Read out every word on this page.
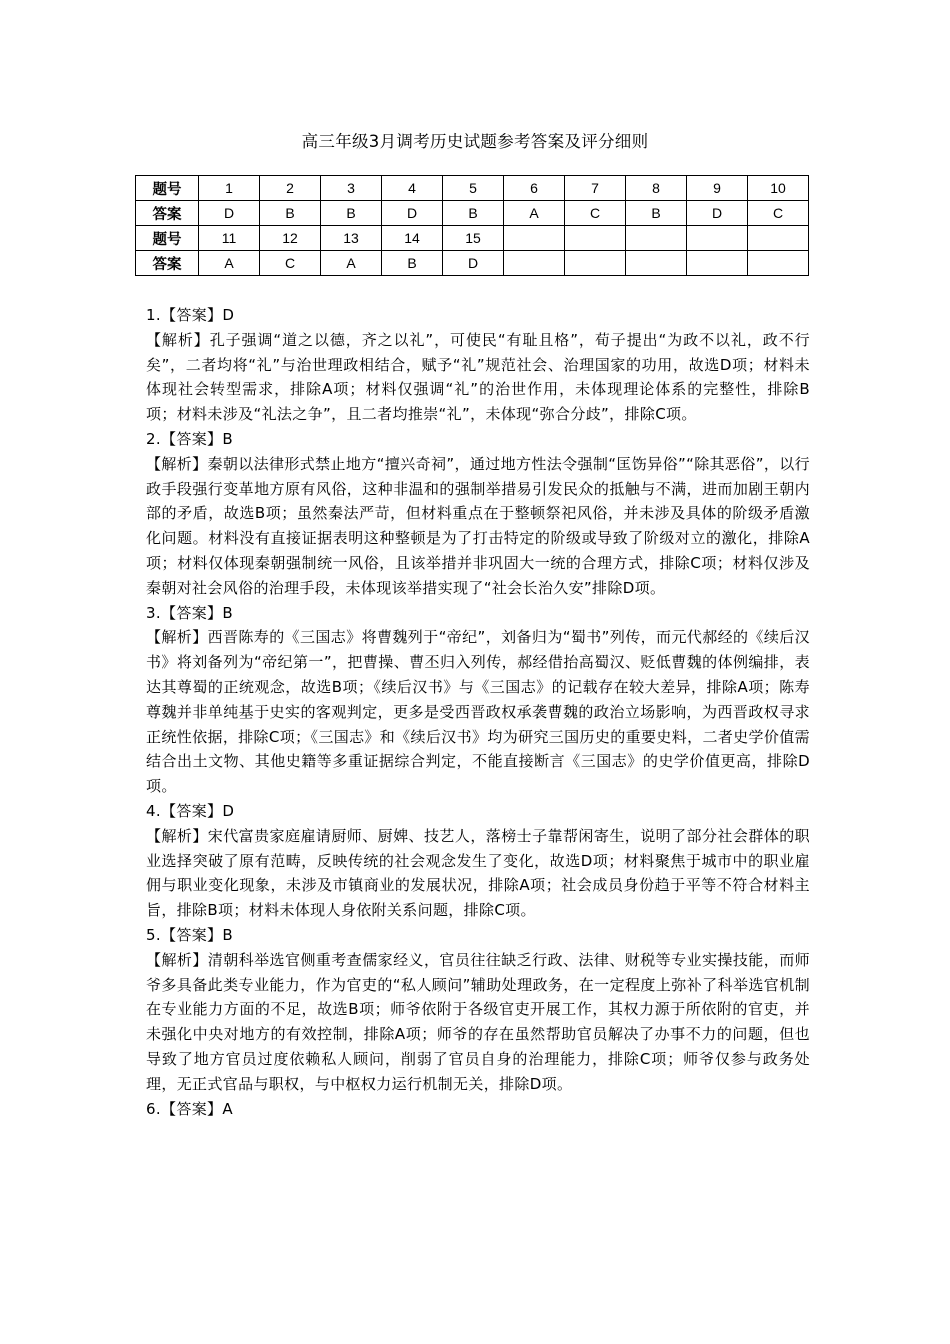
高三年级3月调考历史试题参考答案及评分细则
题号	1	2	3	4	5	6	7	8	9	10
答案	D	B	B	D	B	A	C	B	D	C
题号	11	12	13	14	15					
答案	A	C	A	B	D					

1.【答案】D

【解析】孔子强调“道之以德，齐之以礼”，可使民“有耻且格”，荀子提出“为政不以礼，政不行矣”，二者均将“礼”与治世理政相结合，赋予“礼”规范社会、治理国家的功用，故选D项；材料未体现社会转型需求，排除A项；材料仅强调“礼”的治世作用，未体现理论体系的完整性，排除B项；材料未涉及“礼法之争”，且二者均推崇“礼”，未体现“弥合分歧”，排除C项。

2.【答案】B

【解析】秦朝以法律形式禁止地方“擅兴奇祠”，通过地方性法令强制“匡饬异俗”“除其恶俗”，以行政手段强行变革地方原有风俗，这种非温和的强制举措易引发民众的抵触与不满，进而加剧王朝内部的矛盾，故选B项；虽然秦法严苛，但材料重点在于整顿祭祀风俗，并未涉及具体的阶级矛盾激化问题。材料没有直接证据表明这种整顿是为了打击特定的阶级或导致了阶级对立的激化，排除A项；材料仅体现秦朝强制统一风俗，且该举措并非巩固大一统的合理方式，排除C项；材料仅涉及秦朝对社会风俗的治理手段，未体现该举措实现了“社会长治久安”排除D项。

3.【答案】B

【解析】西晋陈寿的《三国志》将曹魏列于“帝纪”，刘备归为“蜀书”列传，而元代郝经的《续后汉书》将刘备列为“帝纪第一”，把曹操、曹丕归入列传，郝经借抬高蜀汉、贬低曹魏的体例编排，表达其尊蜀的正统观念，故选B项；《续后汉书》与《三国志》的记载存在较大差异，排除A项；陈寿尊魏并非单纯基于史实的客观判定，更多是受西晋政权承袭曹魏的政治立场影响，为西晋政权寻求正统性依据，排除C项；《三国志》和《续后汉书》均为研究三国历史的重要史料，二者史学价值需结合出土文物、其他史籍等多重证据综合判定，不能直接断言《三国志》的史学价值更高，排除D项。

4.【答案】D

【解析】宋代富贵家庭雇请厨师、厨婢、技艺人，落榜士子靠帮闲寄生，说明了部分社会群体的职业选择突破了原有范畴，反映传统的社会观念发生了变化，故选D项；材料聚焦于城市中的职业雇佣与职业变化现象，未涉及市镇商业的发展状况，排除A项；社会成员身份趋于平等不符合材料主旨，排除B项；材料未体现人身依附关系问题，排除C项。

5.【答案】B

【解析】清朝科举选官侧重考查儒家经义，官员往往缺乏行政、法律、财税等专业实操技能，而师爷多具备此类专业能力，作为官吏的“私人顾问”辅助处理政务，在一定程度上弥补了科举选官机制在专业能力方面的不足，故选B项；师爷依附于各级官吏开展工作，其权力源于所依附的官吏，并未强化中央对地方的有效控制，排除A项；师爷的存在虽然帮助官员解决了办事不力的问题，但也导致了地方官员过度依赖私人顾问，削弱了官员自身的治理能力，排除C项；师爷仅参与政务处理，无正式官品与职权，与中枢权力运行机制无关，排除D项。

6.【答案】A
